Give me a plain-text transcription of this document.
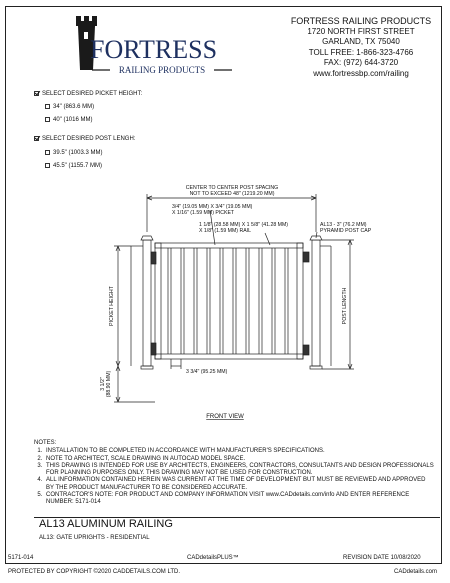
FORTRESS
RAILING PRODUCTS
FORTRESS RAILING PRODUCTS
1720 NORTH FIRST STREET
GARLAND, TX 75040
TOLL FREE: 1-866-323-4766
FAX: (972) 644-3720
www.fortressbp.com/railing
SELECT DESIRED PICKET HEIGHT:
34" (863.6 MM)
40" (1016 MM)
SELECT DESIRED POST LENGH:
39.5" (1003.3 MM)
45.5" (1155.7 MM)
CENTER TO CENTER POST SPACING
NOT TO EXCEED 48" (1219.20 MM)
3/4" (19.05 MM) X 3/4" (19.05 MM)
X 1/16" (1.59 MM) PICKET
1 1/8" (28.58 MM) X 1 5/8" (41.28 MM)
X 1/8" (1.59 MM) RAIL
AL13 - 3" (76.2 MM)
PYRAMID POST CAP
PICKET HEIGHT	POST LENGTH
3 3/4" (95.25 MM)
3 1/2" (88.90 MM)
FRONT VIEW
NOTES:
1. INSTALLATION TO BE COMPLETED IN ACCORDANCE WITH MANUFACTURER'S SPECIFICATIONS.
2. NOTE TO ARCHITECT, SCALE DRAWING IN AUTOCAD MODEL SPACE.
3. THIS DRAWING IS INTENDED FOR USE BY ARCHITECTS, ENGINEERS, CONTRACTORS, CONSULTANTS AND DESIGN PROFESSIONALS FOR PLANNING PURPOSES ONLY. THIS DRAWING MAY NOT BE USED FOR CONSTRUCTION.
4. ALL INFORMATION CONTAINED HEREIN WAS CURRENT AT THE TIME OF DEVELOPMENT BUT MUST BE REVIEWED AND APPROVED BY THE PRODUCT MANUFACTURER TO BE CONSIDERED ACCURATE.
5. CONTRACTOR'S NOTE: FOR PRODUCT AND COMPANY INFORMATION VISIT www.CADdetails.com/info AND ENTER REFERENCE NUMBER: 5171-014
AL13 ALUMINUM RAILING
AL13: GATE UPRIGHTS - RESIDENTIAL
5171-014	CADdetailsPLUS™	REVISION DATE 10/08/2020
PROTECTED BY COPYRIGHT ©2020 CADDETAILS.COM LTD.	CADdetails.com
